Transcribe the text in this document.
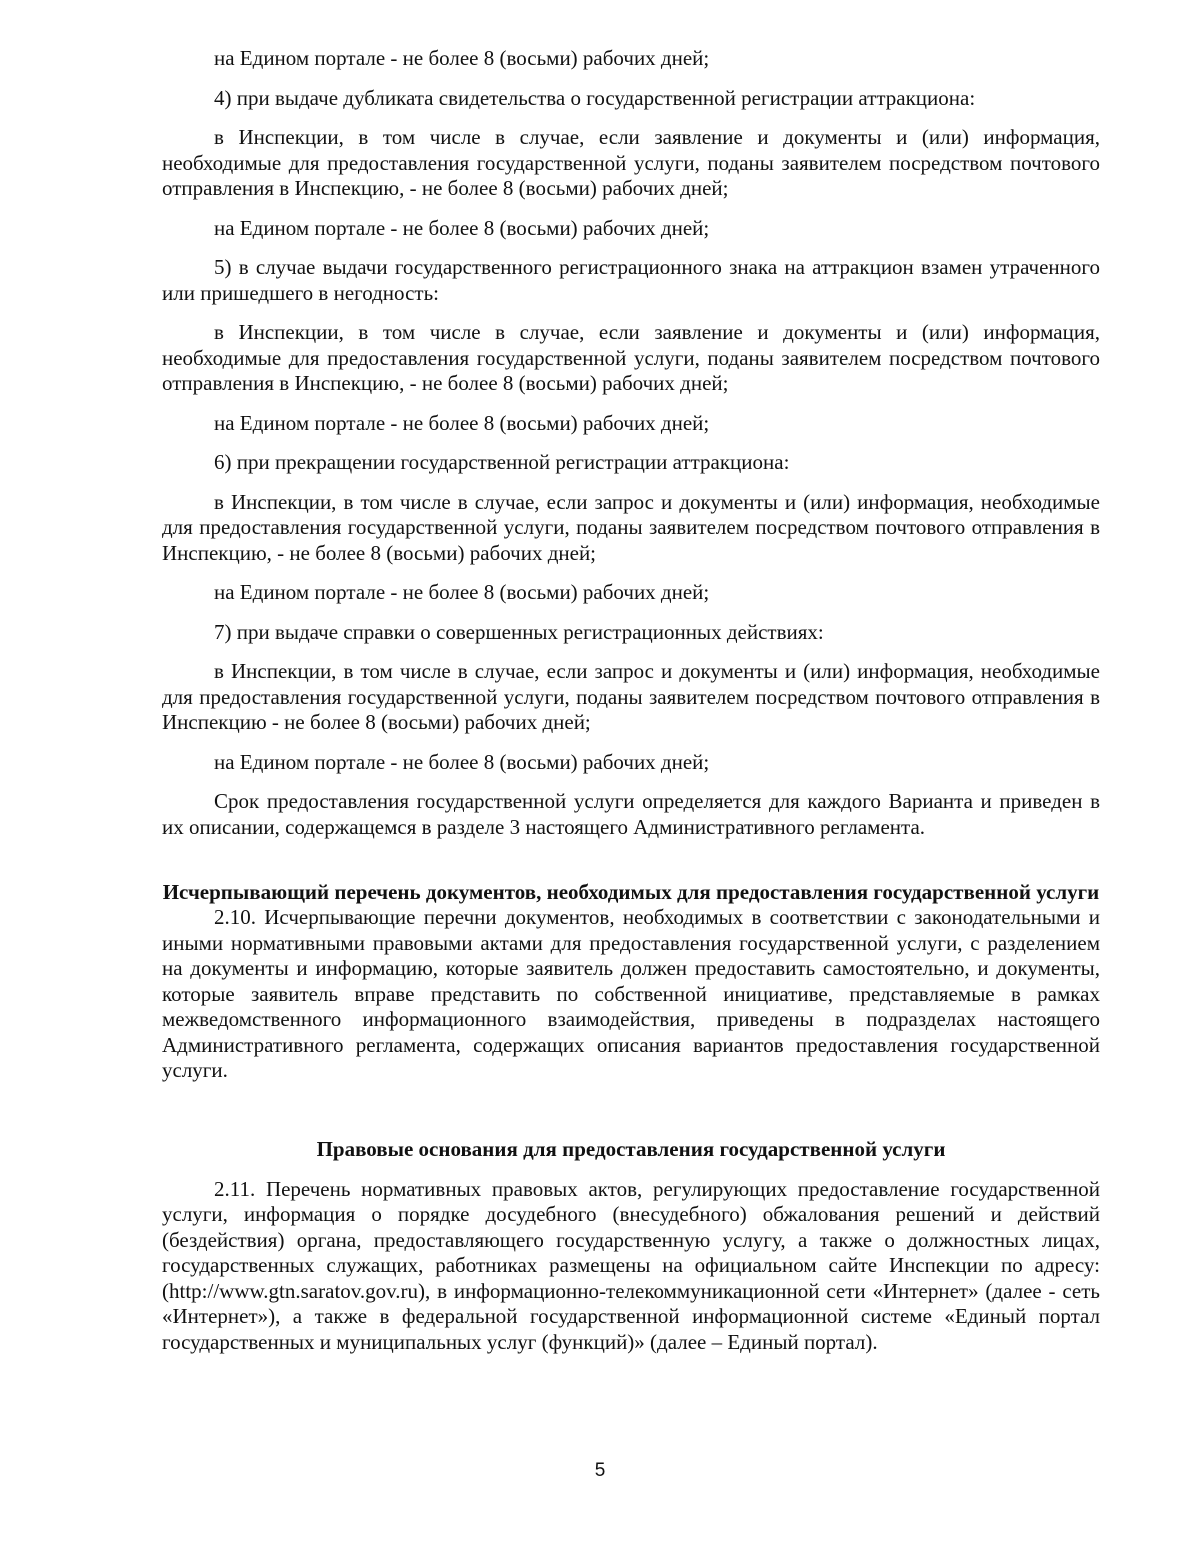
на Едином портале - не более 8 (восьми) рабочих дней;

4) при выдаче дубликата свидетельства о государственной регистрации аттракциона:

в Инспекции, в том числе в случае, если заявление и документы и (или) информация, необходимые для предоставления государственной услуги, поданы заявителем посредством почтового отправления в Инспекцию, - не более 8 (восьми) рабочих дней;

на Едином портале - не более 8 (восьми) рабочих дней;

5) в случае выдачи государственного регистрационного знака на аттракцион взамен утраченного или пришедшего в негодность:

в Инспекции, в том числе в случае, если заявление и документы и (или) информация, необходимые для предоставления государственной услуги, поданы заявителем посредством почтового отправления в Инспекцию, - не более 8 (восьми) рабочих дней;

на Едином портале - не более 8 (восьми) рабочих дней;

6) при прекращении государственной регистрации аттракциона:

в Инспекции, в том числе в случае, если запрос и документы и (или) информация, необходимые для предоставления государственной услуги, поданы заявителем посредством почтового отправления в Инспекцию, - не более 8 (восьми) рабочих дней;

на Едином портале - не более 8 (восьми) рабочих дней;

7) при выдаче справки о совершенных регистрационных действиях:

в Инспекции, в том числе в случае, если запрос и документы и (или) информация, необходимые для предоставления государственной услуги, поданы заявителем посредством почтового отправления в Инспекцию - не более 8 (восьми) рабочих дней;

на Едином портале - не более 8 (восьми) рабочих дней;

Срок предоставления государственной услуги определяется для каждого Варианта и приведен в их описании, содержащемся в разделе 3 настоящего Административного регламента.

Исчерпывающий перечень документов, необходимых для предоставления государственной услуги

2.10. Исчерпывающие перечни документов, необходимых в соответствии с законодательными и иными нормативными правовыми актами для предоставления государственной услуги, с разделением на документы и информацию, которые заявитель должен предоставить самостоятельно, и документы, которые заявитель вправе представить по собственной инициативе, представляемые в рамках межведомственного информационного взаимодействия, приведены в подразделах настоящего Административного регламента, содержащих описания вариантов предоставления государственной услуги.

Правовые основания для предоставления государственной услуги

2.11. Перечень нормативных правовых актов, регулирующих предоставление государственной услуги, информация о порядке досудебного (внесудебного) обжалования решений и действий (бездействия) органа, предоставляющего государственную услугу, а также о должностных лицах, государственных служащих, работниках размещены на официальном сайте Инспекции по адресу: (http://www.gtn.saratov.gov.ru), в информационно-телекоммуникационной сети «Интернет» (далее - сеть «Интернет»), а также в федеральной государственной информационной системе «Единый портал государственных и муниципальных услуг (функций)» (далее – Единый портал).

5
